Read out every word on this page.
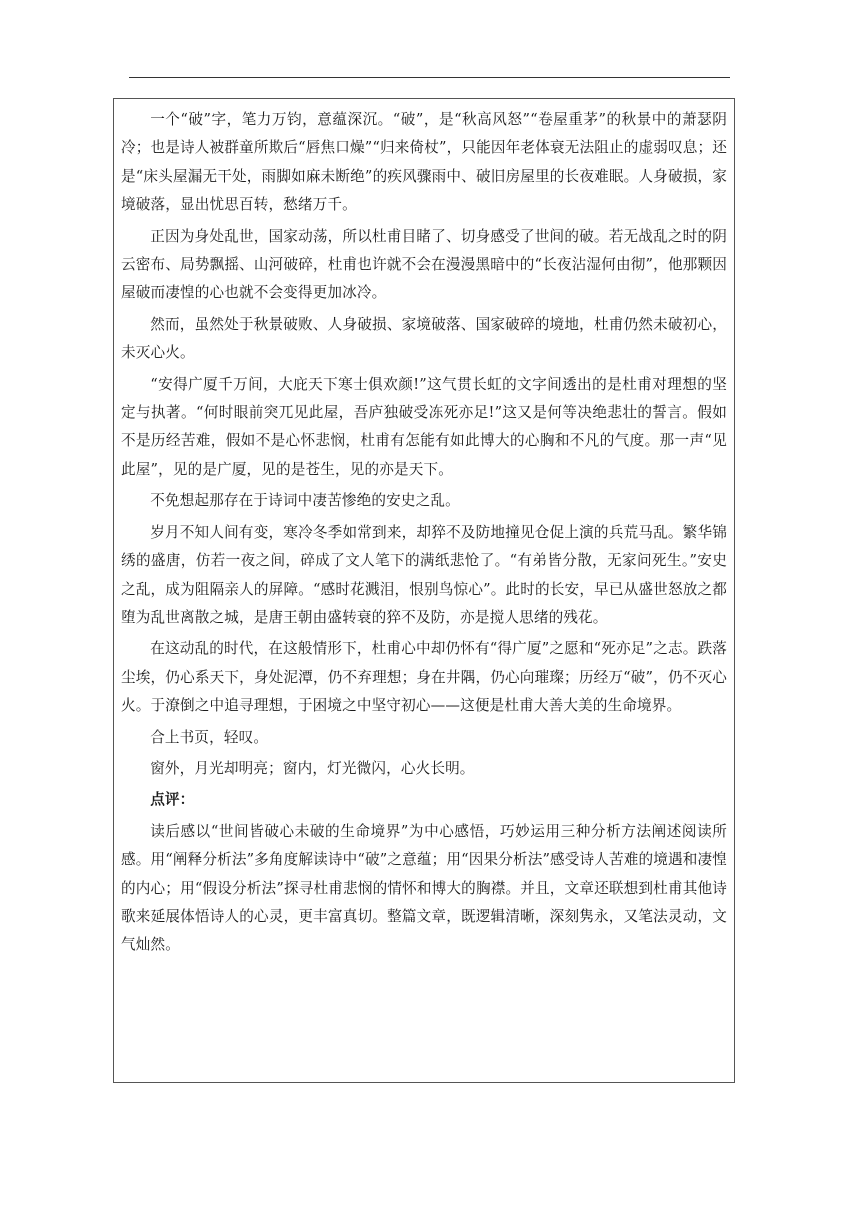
一个“破”字，笔力万钧，意蕴深沉。“破”，是“秋高风怒”“卷屋重茅”的秋景中的萧瑟阴冷；也是诗人被群童所欺后“唇焦口燥”“归来倚杖”，只能因年老体衰无法阻止的虚弱叹息；还是“床头屋漏无干处，雨脚如麻未断绝”的疾风骤雨中、破旧房屋里的长夜难眠。人身破损，家境破落，显出忧思百转，愁绪万千。

正因为身处乱世，国家动荡，所以杜甫目睹了、切身感受了世间的破。若无战乱之时的阴云密布、局势飘摇、山河破碎，杜甫也许就不会在漫漫黑暗中的“长夜沾湿何由彻”，他那颗因屋破而凄惶的心也就不会变得更加冰冷。

然而，虽然处于秋景破败、人身破损、家境破落、国家破碎的境地，杜甫仍然未破初心，未灭心火。

“安得广厦千万间，大庇天下寒士俱欢颜!”这气贯长虹的文字间透出的是杜甫对理想的坚定与执著。“何时眼前突兀见此屋，吾庐独破受冻死亦足!”这又是何等决绝悲壮的誓言。假如不是历经苦难，假如不是心怀悲悯，杜甫有怎能有如此博大的心胸和不凡的气度。那一声“见此屋”，见的是广厦，见的是苍生，见的亦是天下。

不免想起那存在于诗词中凄苦惨绝的安史之乱。

岁月不知人间有变，寒冷冬季如常到来，却猝不及防地撞见仓促上演的兵荒马乱。繁华锦绣的盛唐，仿若一夜之间，碎成了文人笔下的满纸悲怆了。“有弟皆分散，无家问死生。”安史之乱，成为阻隔亲人的屏障。“感时花溅泪，恨别鸟惊心”。此时的长安，早已从盛世怒放之都堕为乱世离散之城，是唐王朝由盛转衰的猝不及防，亦是搅人思绪的残花。

在这动乱的时代，在这般情形下，杜甫心中却仍怀有“得广厦”之愿和“死亦足”之志。跌落尘埃，仍心系天下，身处泥潭，仍不弃理想；身在井隅，仍心向璀璨；历经万“破”，仍不灭心火。于潦倒之中追寻理想，于困境之中坚守初心——这便是杜甫大善大美的生命境界。

合上书页，轻叹。

窗外，月光却明亮；窗内，灯光微闪，心火长明。

点评：

读后感以“世间皆破心未破的生命境界”为中心感悟，巧妙运用三种分析方法阐述阅读所感。用“阐释分析法”多角度解读诗中“破”之意蕴；用“因果分析法”感受诗人苦难的境遇和凄惶的内心；用“假设分析法”探寻杜甫悲悯的情怀和博大的胸襟。并且，文章还联想到杜甫其他诗歌来延展体悟诗人的心灵，更丰富真切。整篇文章，既逻辑清晰，深刻隽永，又笔法灵动，文气灿然。
